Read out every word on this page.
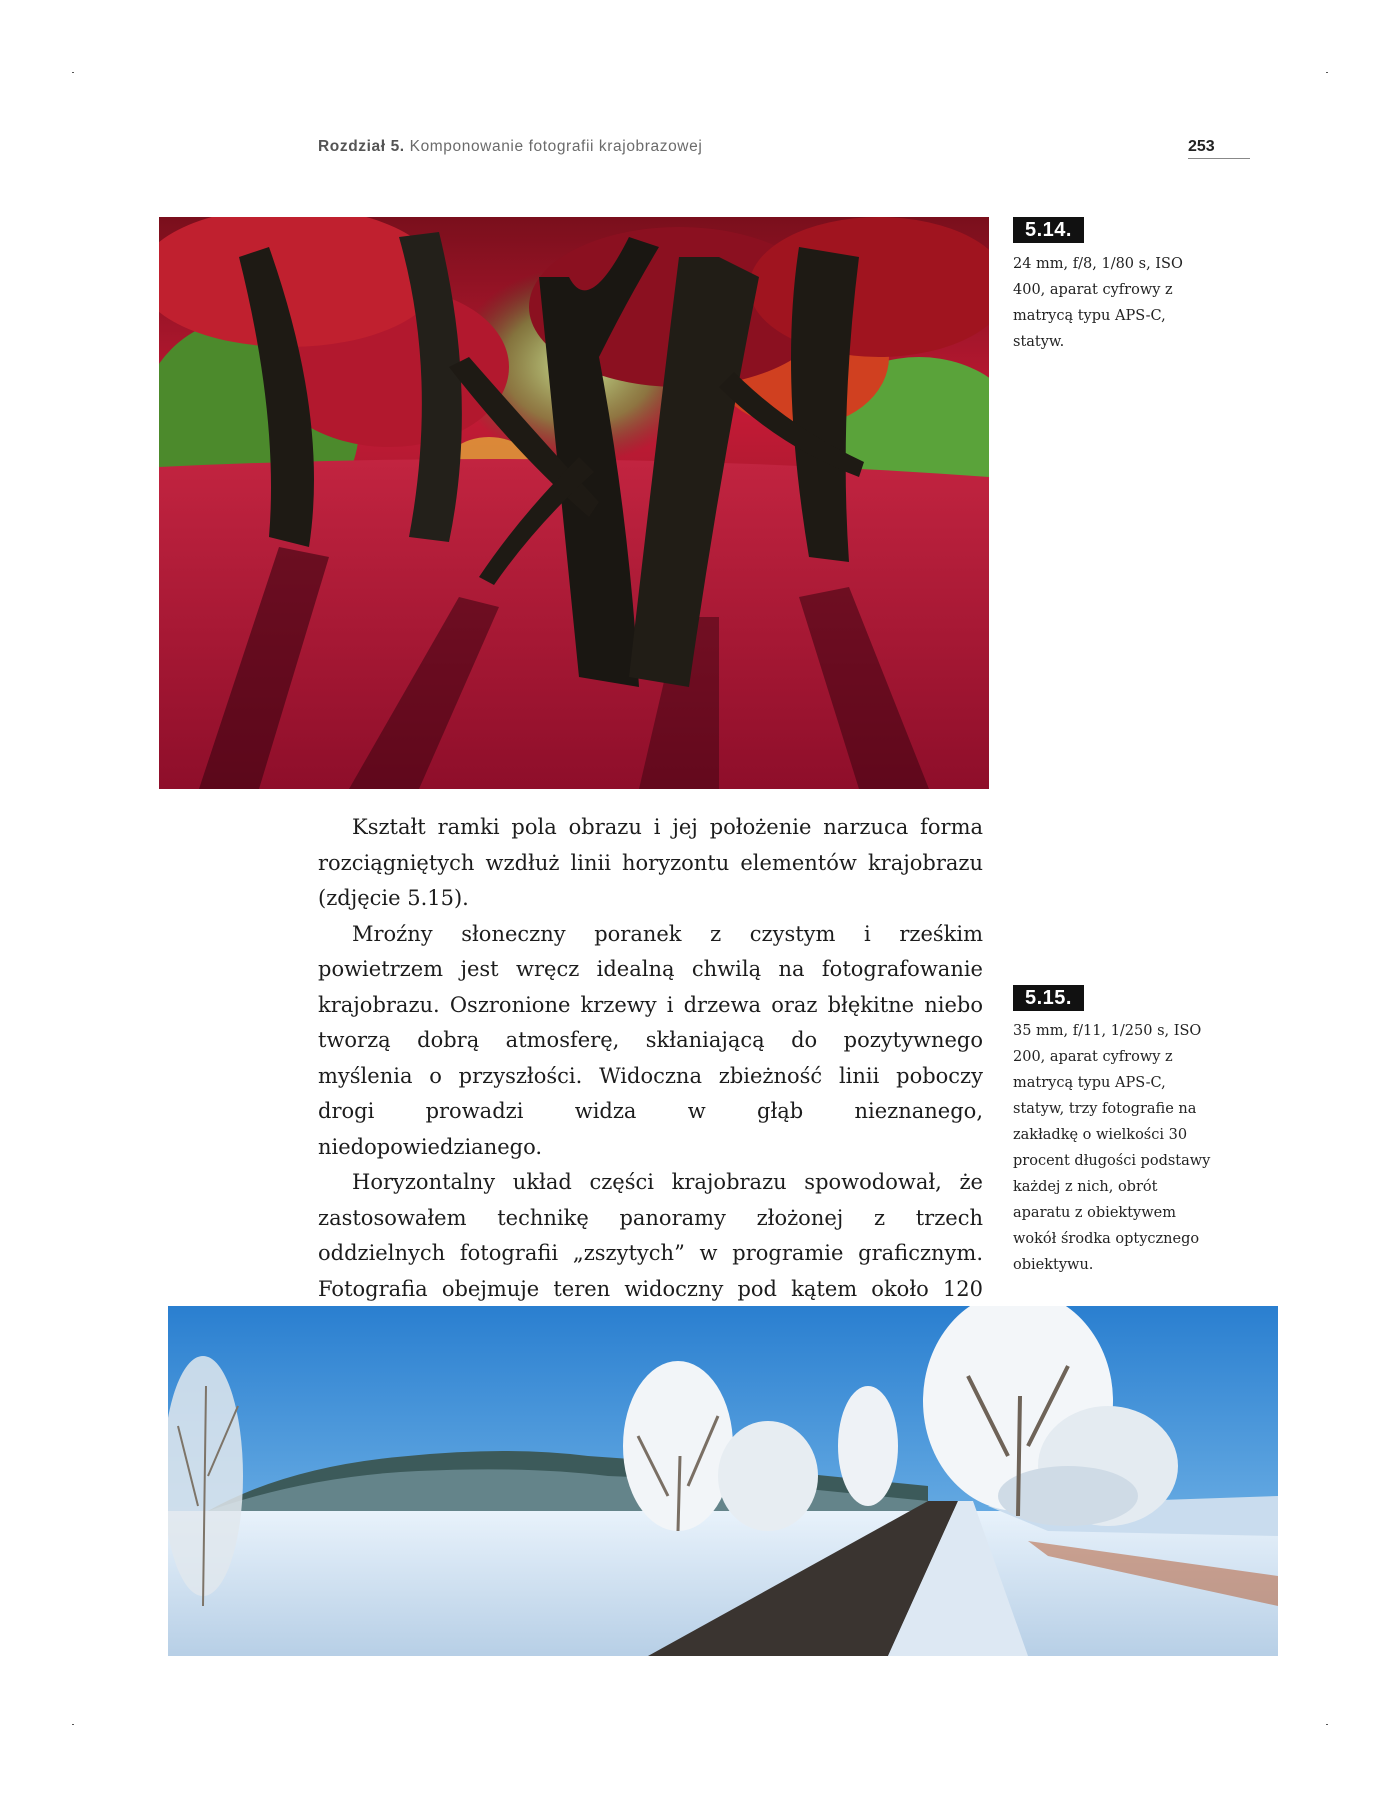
Rozdział 5. Komponowanie fotografii krajobrazowej	253
5.14.

24 mm, f/8, 1/80 s, ISO 400, aparat cyfrowy z matrycą typu APS-C, statyw.

Kształt ramki pola obrazu i jej położenie narzuca forma rozciągniętych wzdłuż linii horyzontu elementów krajobrazu (zdjęcie 5.15).

Mroźny słoneczny poranek z czystym i rześkim powietrzem jest wręcz idealną chwilą na fotografowanie krajobrazu. Oszronione krzewy i drzewa oraz błękitne niebo tworzą dobrą atmosferę, skłaniającą do pozytywnego myślenia o przyszłości. Widoczna zbieżność linii poboczy drogi prowadzi widza w głąb nieznanego, niedopowiedzianego.

Horyzontalny układ części krajobrazu spowodował, że zastosowałem technikę panoramy złożonej z trzech oddzielnych fotografii „zszytych” w programie graficznym. Fotografia obejmuje teren widoczny pod kątem około 120

5.15.

35 mm, f/11, 1/250 s, ISO 200, aparat cyfrowy z matrycą typu APS-C, statyw, trzy fotografie na zakładkę o wielkości 30 procent długości podstawy każdej z nich, obrót aparatu z obiektywem wokół środka optycznego obiektywu.
